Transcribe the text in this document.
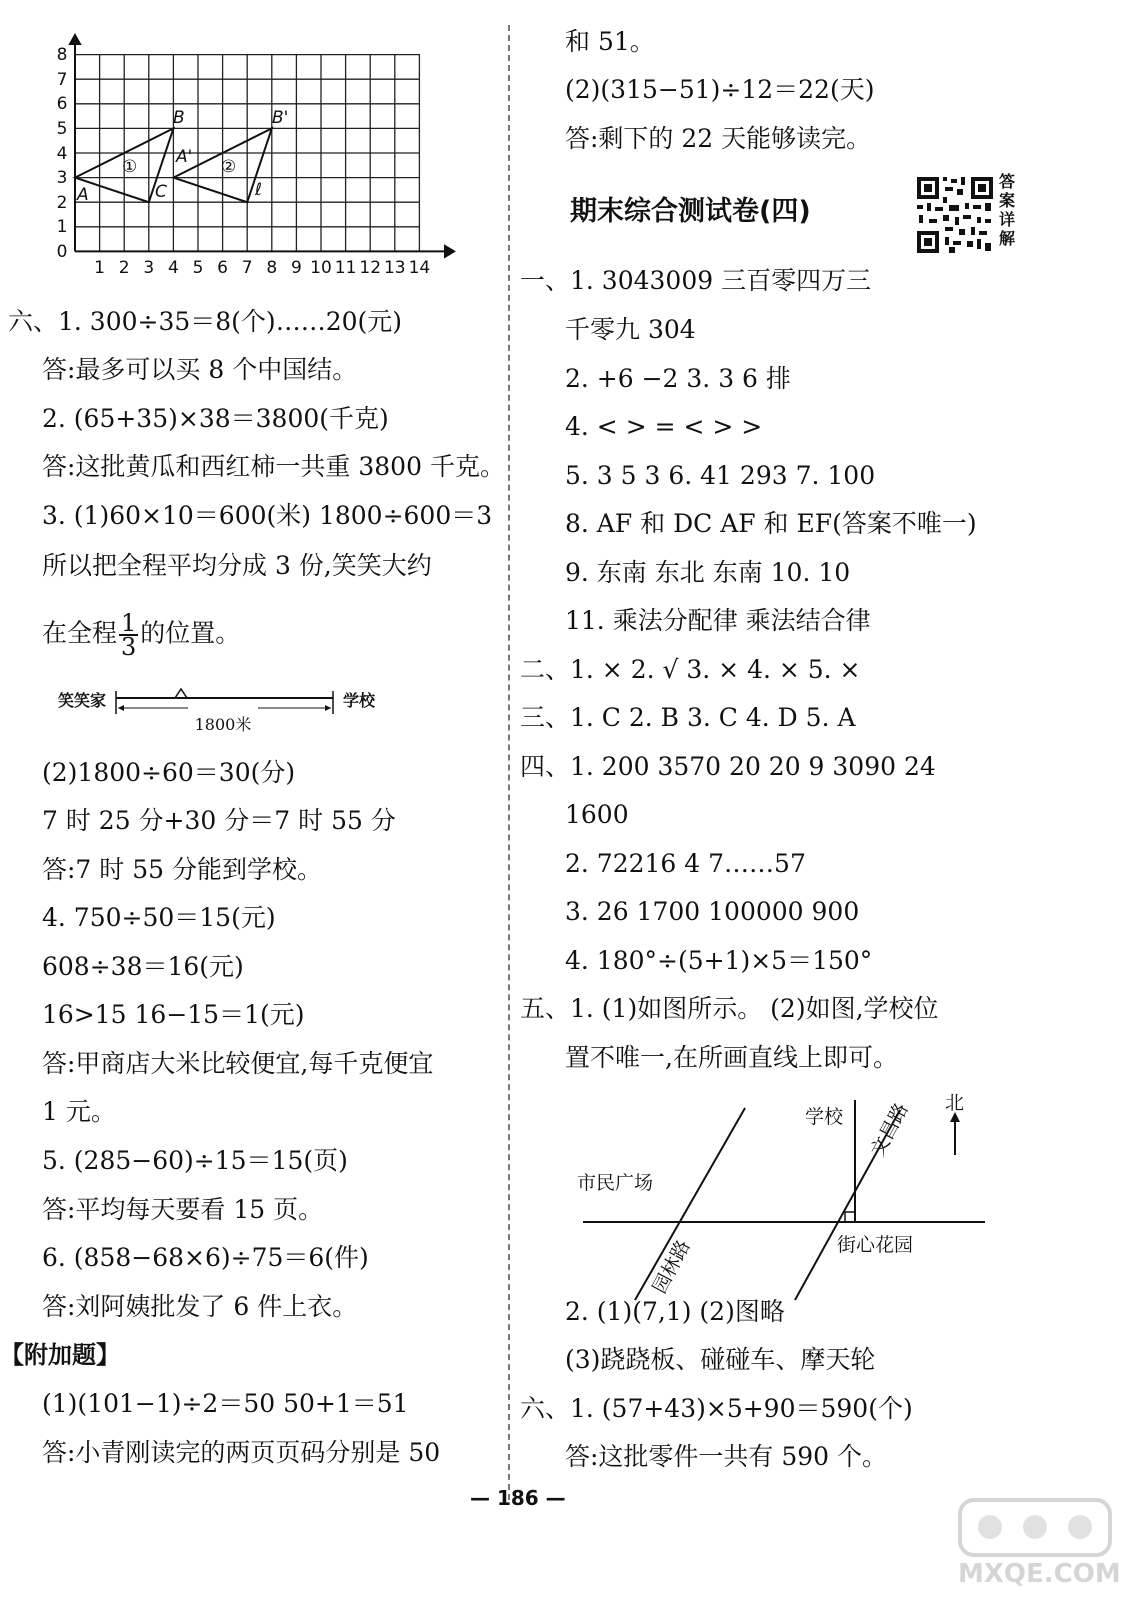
0
1
2
3
4
5
6
7
8
1 2 3 4 5 6 7 8 9 10 11 12 13 14
A
B
C
A'
B'
ℓ
①	②
六、1. 300÷35＝8(个)……20(元)
答:最多可以买 8 个中国结。
2. (65+35)×38＝3800(千克)
答:这批黄瓜和西红柿一共重 3800 千克。
3. (1)60×10＝600(米) 1800÷600＝3
所以把全程平均分成 3 份,笑笑大约
在全程 $\frac{1}{3}$ 的位置。
笑笑家	学校
1800米
(2)1800÷60＝30(分)
7 时 25 分+30 分＝7 时 55 分
答:7 时 55 分能到学校。
4. 750÷50＝15(元)
608÷38＝16(元)
16>15 16−15＝1(元)
答:甲商店大米比较便宜,每千克便宜
1 元。
5. (285−60)÷15＝15(页)
答:平均每天要看 15 页。
6. (858−68×6)÷75＝6(件)
答:刘阿姨批发了 6 件上衣。
【附加题】
(1)(101−1)÷2＝50 50+1＝51
答:小青刚读完的两页页码分别是 50
和 51。
(2)(315−51)÷12＝22(天)
答:剩下的 22 天能够读完。
期末综合测试卷(四)
答案详解
一、1. 3043009 三百零四万三
千零九 304
2. +6 −2 3. 3 6 排
4. < > = < > >
5. 3 5 3 6. 41 293 7. 100
8. AF 和 DC AF 和 EF(答案不唯一)
9. 东南 东北 东南 10. 10
11. 乘法分配律 乘法结合律
二、1. × 2. √ 3. × 4. × 5. ×
三、1. C 2. B 3. C 4. D 5. A
四、1. 200 3570 20 20 9 3090 24
1600
2. 72216 4 7……57
3. 26 1700 100000 900
4. 180°÷(5+1)×5＝150°
五、1. (1)如图所示。 (2)如图,学校位
置不唯一,在所画直线上即可。
学校
北
文昌路
市民广场
街心花园
园林路
2. (1)(7,1) (2)图略
(3)跷跷板、碰碰车、摩天轮
六、1. (57+43)×5+90＝590(个)
答:这批零件一共有 590 个。
— 186 —
MXQE.COM
